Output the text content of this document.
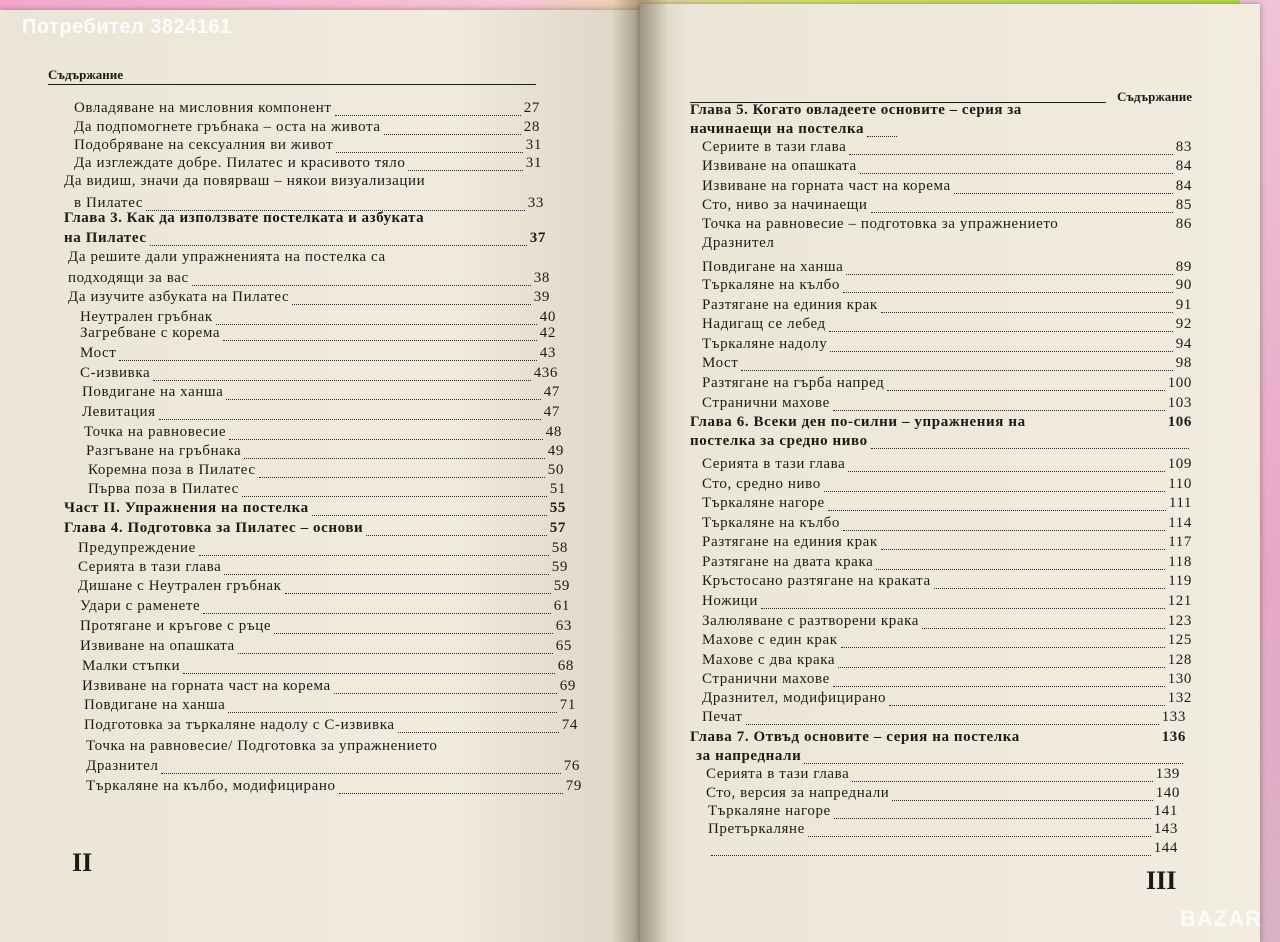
Потребител 3824161
Съдържание
Съдържание
Овладяване на мисловния компонент	27
Да подпомогнете гръбнака – оста на живота	28
Подобряване на сексуалния ви живот	31
Да изглеждате добре. Пилатес и красивото тяло	31
Да видиш, значи да повярваш – някои визуализации
в Пилатес	33
Глава 3. Как да използвате постелката и азбуката
на Пилатес	37
Да решите дали упражненията на постелка са
подходящи за вас	38
Да изучите азбуката на Пилатес	39
Неутрален гръбнак	40
Загребване с корема	42
Мост	43
С-извивка	436
Повдигане на ханша	47
Левитация	47
Точка на равновесие	48
Разгъване на гръбнака	49
Коремна поза в Пилатес	50
Първа поза в Пилатес	51
Част II. Упражнения на постелка	55
Глава 4. Подготовка за Пилатес – основи	57
Предупреждение	58
Серията в тази глава	59
Дишане с Неутрален гръбнак	59
Удари с раменете	61
Протягане и кръгове с ръце	63
Извиване на опашката	65
Малки стъпки	68
Извиване на горната част на корема	69
Повдигане на ханша	71
Подготовка за търкаляне надолу с С-извивка	74
Точка на равновесие/ Подготовка за упражнението
Дразнител	76
Търкаляне на кълбо, модифицирано	79
II
Глава 5. Когато овладеете основите – серия за
начинаещи на постелка
Сериите в тази глава	83
Извиване на опашката	84
Извиване на горната част на корема	84
Сто, ниво за начинаещи	85
Точка на равновесие – подготовка за упражнението	86
Дразнител
Повдигане на ханша	89
Търкаляне на кълбо	90
Разтягане на единия крак	91
Надигащ се лебед	92
Търкаляне надолу	94
Мост	98
Разтягане на гърба напред	100
Странични махове	103
Глава 6. Всеки ден по-силни – упражнения на	106
постелка за средно ниво
Серията в тази глава	109
Сто, средно ниво	110
Търкаляне нагоре	111
Търкаляне на кълбо	114
Разтягане на единия крак	117
Разтягане на двата крака	118
Кръстосано разтягане на краката	119
Ножици	121
Залюляване с разтворени крака	123
Махове с един крак	125
Махове с два крака	128
Странични махове	130
Дразнител, модифицирано	132
Печат	133
Глава 7. Отвъд основите – серия на постелка	136
за напреднали
Серията в тази глава	139
Сто, версия за напреднали	140
Търкаляне нагоре	141
Претъркаляне	143
144
III
BAZAR
